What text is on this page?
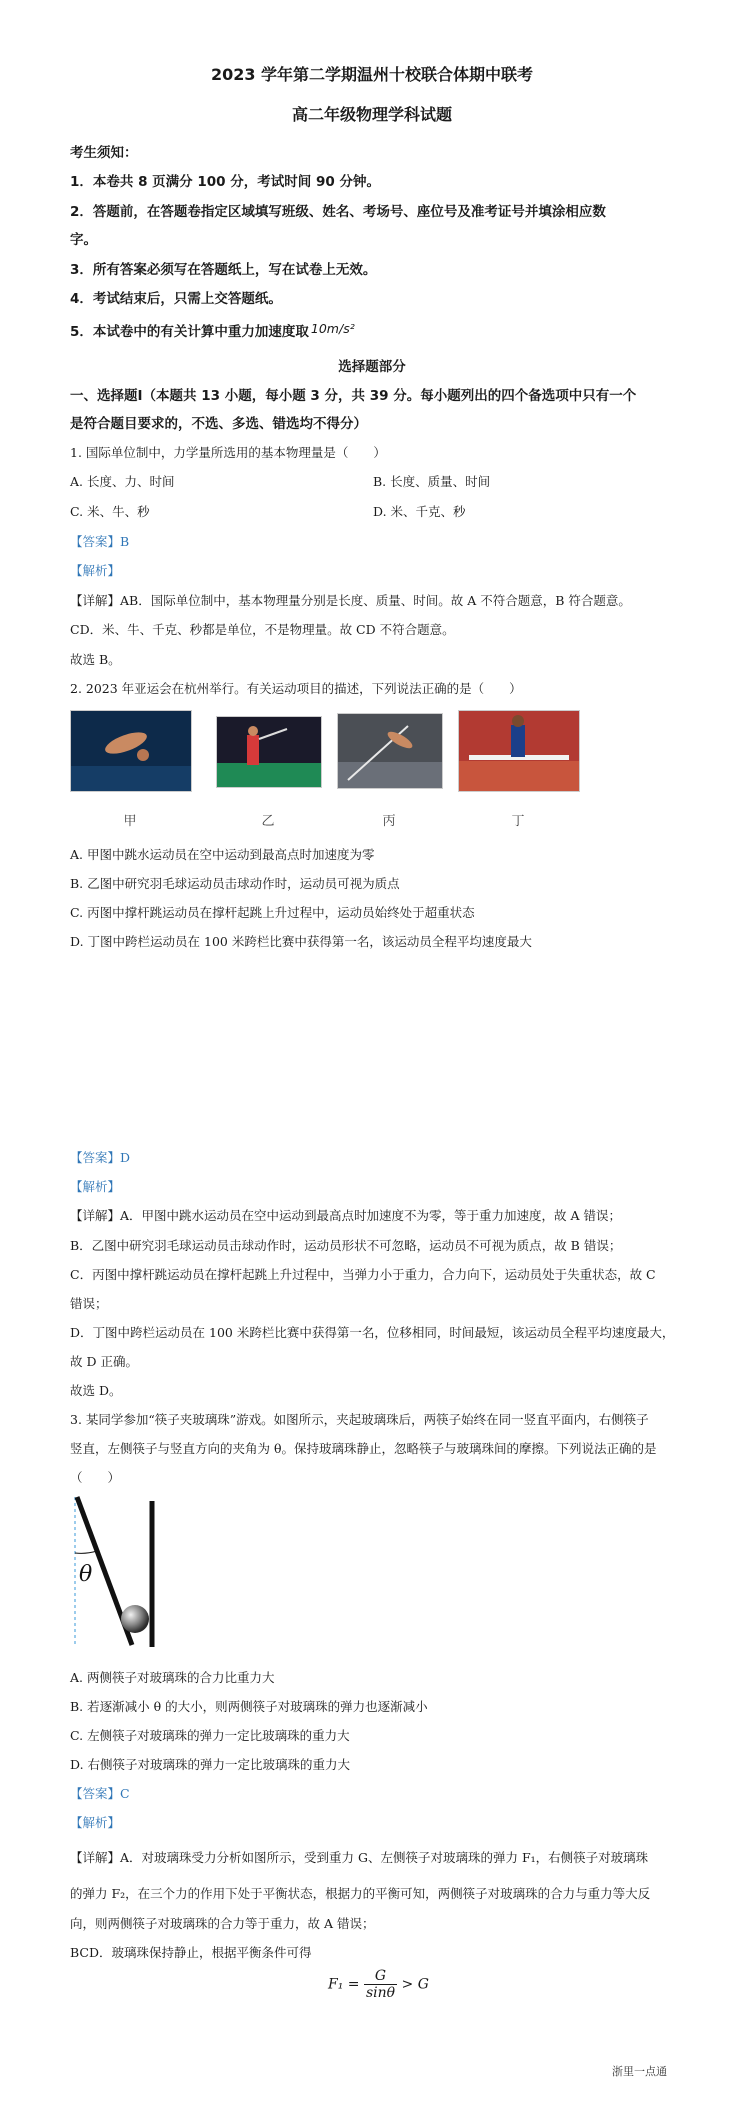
2023 学年第二学期温州十校联合体期中联考
高二年级物理学科试题
考生须知：
1．本卷共 8 页满分 100 分，考试时间 90 分钟。
2．答题前，在答题卷指定区域填写班级、姓名、考场号、座位号及准考证号并填涂相应数
字。
3．所有答案必须写在答题纸上，写在试卷上无效。
4．考试结束后，只需上交答题纸。
5．本试卷中的有关计算中重力加速度取 10m/s²
选择题部分
一、选择题Ⅰ（本题共 13 小题，每小题 3 分，共 39 分。每小题列出的四个备选项中只有一个
是符合题目要求的，不选、多选、错选均不得分）
1. 国际单位制中，力学量所选用的基本物理量是（　　）
A. 长度、力、时间	B. 长度、质量、时间
C. 米、牛、秒	D. 米、千克、秒
【答案】B
【解析】
【详解】AB．国际单位制中，基本物理量分别是长度、质量、时间。故 A 不符合题意，B 符合题意。
CD．米、牛、千克、秒都是单位，不是物理量。故 CD 不符合题意。
故选 B。
2. 2023 年亚运会在杭州举行。有关运动项目的描述，下列说法正确的是（　　）
甲	乙	丙	丁
A. 甲图中跳水运动员在空中运动到最高点时加速度为零
B. 乙图中研究羽毛球运动员击球动作时，运动员可视为质点
C. 丙图中撑杆跳运动员在撑杆起跳上升过程中，运动员始终处于超重状态
D. 丁图中跨栏运动员在 100 米跨栏比赛中获得第一名，该运动员全程平均速度最大
【答案】D
【解析】
【详解】A．甲图中跳水运动员在空中运动到最高点时加速度不为零，等于重力加速度，故 A 错误；
B．乙图中研究羽毛球运动员击球动作时，运动员形状不可忽略，运动员不可视为质点，故 B 错误；
C．丙图中撑杆跳运动员在撑杆起跳上升过程中，当弹力小于重力，合力向下，运动员处于失重状态，故 C
错误；
D．丁图中跨栏运动员在 100 米跨栏比赛中获得第一名，位移相同，时间最短，该运动员全程平均速度最大，
故 D 正确。
故选 D。
3. 某同学参加“筷子夹玻璃珠”游戏。如图所示，夹起玻璃珠后，两筷子始终在同一竖直平面内，右侧筷子
竖直，左侧筷子与竖直方向的夹角为 θ。保持玻璃珠静止，忽略筷子与玻璃珠间的摩擦。下列说法正确的是
（　　）
θ
A. 两侧筷子对玻璃珠的合力比重力大
B. 若逐渐减小 θ 的大小，则两侧筷子对玻璃珠的弹力也逐渐减小
C. 左侧筷子对玻璃珠的弹力一定比玻璃珠的重力大
D. 右侧筷子对玻璃珠的弹力一定比玻璃珠的重力大
【答案】C
【解析】
【详解】A．对玻璃珠受力分析如图所示，受到重力 G、左侧筷子对玻璃珠的弹力 F₁，右侧筷子对玻璃珠
的弹力 F₂，在三个力的作用下处于平衡状态，根据力的平衡可知，两侧筷子对玻璃珠的合力与重力等大反
向，则两侧筷子对玻璃珠的合力等于重力，故 A 错误；
BCD．玻璃珠保持静止，根据平衡条件可得
$F_1 = \frac{G}{\sin\theta} > G$
浙里一点通
